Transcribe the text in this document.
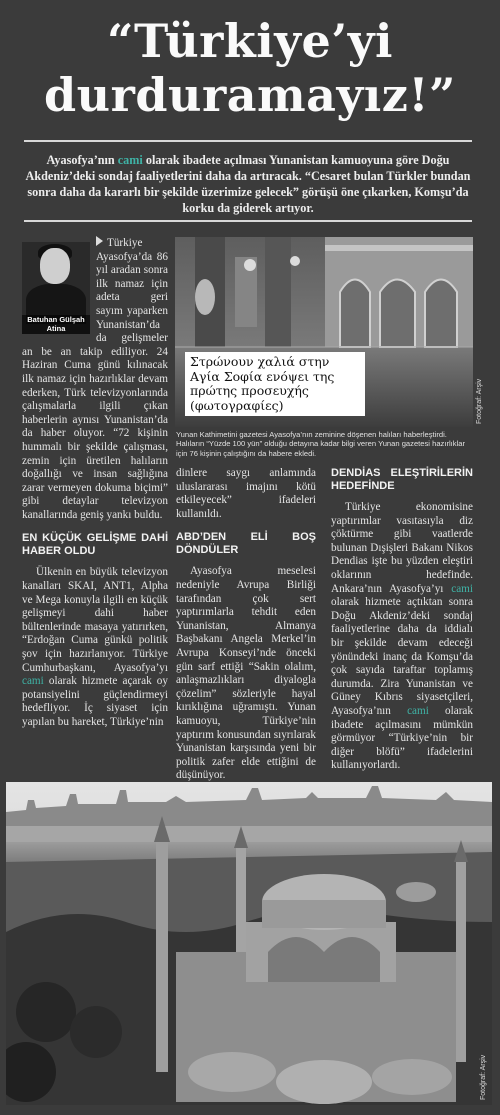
“Türkiye’yi
durduramayız!”
Ayasofya’nın cami olarak ibadete açılması Yunanistan kamuoyuna göre Doğu Akdeniz’deki sondaj faaliyetlerini daha da artıracak. “Cesaret bulan Türkler bundan sonra daha da kararlı bir şekilde üzerimize gelecek” görüşü öne çıkarken, Komşu’da korku da giderek artıyor.
Batuhan Gülşah
Atina

Türkiye Ayasofya’da 86 yıl aradan sonra ilk namaz için adeta geri sayım yaparken Yunanistan’da da gelişmeler an be an takip ediliyor. 24 Haziran Cuma günü kılınacak ilk namaz için hazırlıklar devam ederken, Türk televizyonlarında çalışmalarla ilgili çıkan haberlerin aynısı Yunanistan’da da haber oluyor. “72 kişinin hummalı bir şekilde çalışması, zemin için üretilen halıların doğallığı ve insan sağlığına zarar vermeyen dokuma biçimi” gibi detaylar televizyon kanallarında geniş yankı buldu.

EN KÜÇÜK GELİŞME DAHİ HABER OLDU

Ülkenin en büyük televizyon kanalları SKAI, ANT1, Alpha ve Mega konuyla ilgili en küçük gelişmeyi dahi haber bültenlerinde masaya yatırırken, “Erdoğan Cuma günkü politik şov için hazırlanıyor. Türkiye Cumhurbaşkanı, Ayasofya’yı cami olarak hizmete açarak oy potansiyelini güçlendirmeyi hedefliyor. İç siyaset için yapılan bu hareket, Türkiye’nin

Στρώνουν χαλιά στην Αγία Σοφία ενόψει της πρώτης προσευχής (φωτογραφίες)	Fotoğraf: Arşiv
Yunan Kathimetini gazetesi Ayasofya’nın zeminine döşenen halıları haberleştirdi. Halıların “Yüzde 100 yün” olduğu detayına kadar bilgi veren Yunan gazetesi hazırlıklar için 76 kişinin çalıştığını da habere ekledi.

dinlere saygı anlamında uluslararası imajını kötü etkileyecek” ifadeleri kullanıldı.

ABD’DEN ELİ BOŞ DÖNDÜLER

Ayasofya meselesi nedeniyle Avrupa Birliği tarafından çok sert yaptırımlarla tehdit eden Yunanistan, Almanya Başbakanı Angela Merkel’in Avrupa Konseyi’nde önceki gün sarf ettiği “Sakin olalım, anlaşmazlıkları diyalogla çözelim” sözleriyle hayal kırıklığına uğramıştı. Yunan kamuoyu, Türkiye’nin yaptırım konusundan sıyrılarak Yunanistan karşısında yeni bir politik zafer elde ettiğini de düşünüyor.

DENDİAS ELEŞTİRİLERİN HEDEFİNDE

Türkiye ekonomisine yaptırımlar vasıtasıyla diz çöktürme gibi vaatlerde bulunan Dışişleri Bakanı Nikos Dendias işte bu yüzden eleştiri oklarının hedefinde. Ankara’nın Ayasofya’yı cami olarak hizmete açtıktan sonra Doğu Akdeniz’deki sondaj faaliyetlerine daha da iddialı bir şekilde devam edeceği yönündeki inanç da Komşu’da çok sayıda taraftar toplamış durumda. Zira Yunanistan ve Güney Kıbrıs siyasetçileri, Ayasofya’nın cami olarak ibadete açılmasını mümkün görmüyor “Türkiye’nin bir diğer blöfü” ifadelerini kullanıyorlardı.

Fotoğraf: Arşiv
